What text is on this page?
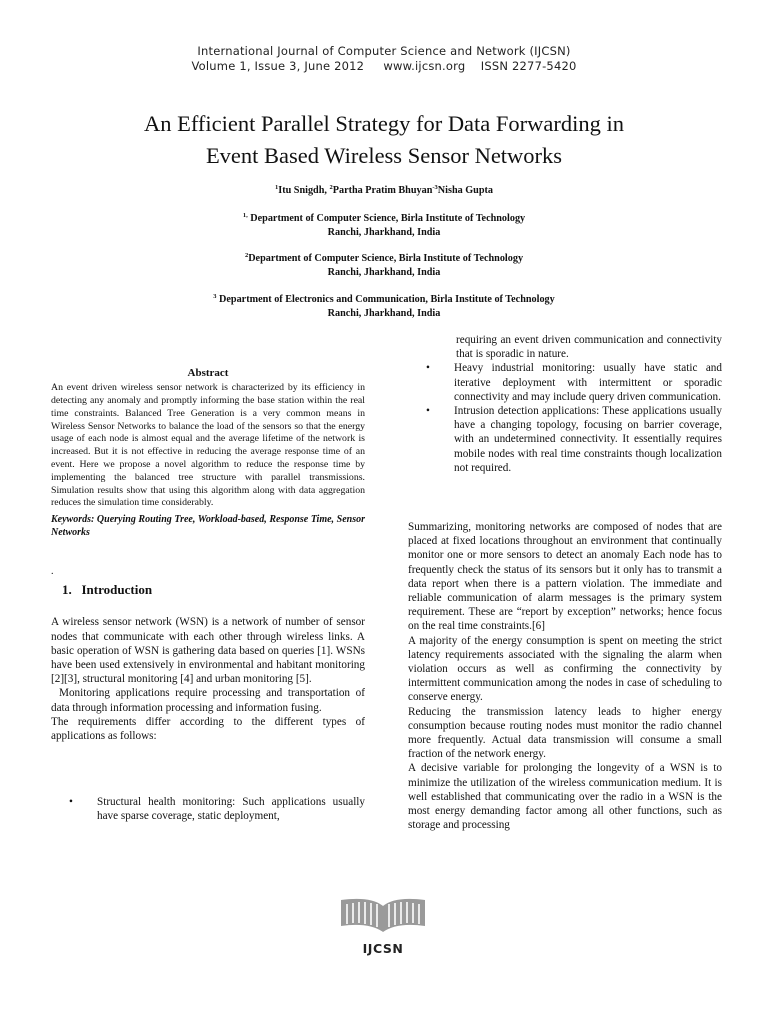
International Journal of Computer Science and Network (IJCSN)
Volume 1, Issue 3, June 2012     www.ijcsn.org    ISSN 2277-5420
An Efficient Parallel Strategy for Data Forwarding in
Event Based Wireless Sensor Networks
$^1$Itu Snigdh, $^2$Partha Pratim Bhuyan$^{-3}$Nisha Gupta
$^{1,}$ Department of Computer Science, Birla Institute of Technology
Ranchi, Jharkhand, India
$^2$Department of Computer Science, Birla Institute of Technology
Ranchi, Jharkhand, India
$^3$ Department of Electronics and Communication, Birla Institute of Technology
Ranchi, Jharkhand, India
Abstract

An event driven wireless sensor network is characterized by its efficiency in detecting any anomaly and promptly informing the base station within the real time constraints. Balanced Tree Generation is a very common means in Wireless Sensor Networks to balance the load of the sensors so that the energy usage of each node is almost equal and the average lifetime of the network is increased. But it is not effective in reducing the average response time of an event. Here we propose a novel algorithm to reduce the response time by implementing the balanced tree structure with parallel transmissions. Simulation results show that using this algorithm along with data aggregation reduces the simulation time considerably.

Keywords: Querying Routing Tree, Workload-based, Response Time, Sensor Networks

.

1.   Introduction

A wireless sensor network (WSN) is a network of number of sensor nodes that communicate with each other through wireless links. A basic operation of WSN is gathering data based on queries [1]. WSNs have been used extensively in environmental and habitant monitoring [2][3], structural monitoring [4] and urban monitoring [5].

Monitoring applications require processing and transportation of data through information processing and information fusing.

The requirements differ according to the different types of applications as follows:

• Structural health monitoring: Such applications usually have sparse coverage, static deployment,

requiring an event driven communication and connectivity that is sporadic in nature.

• Heavy industrial monitoring: usually have static and iterative deployment with intermittent or sporadic connectivity and may include query driven communication.

• Intrusion detection applications: These applications usually have a changing topology, focusing on barrier coverage, with an undetermined connectivity. It essentially requires mobile nodes with real time constraints though localization not required.

Summarizing, monitoring networks are composed of nodes that are placed at fixed locations throughout an environment that continually monitor one or more sensors to detect an anomaly Each node has to frequently check the status of its sensors but it only has to transmit a data report when there is a pattern violation. The immediate and reliable communication of alarm messages is the primary system requirement. These are “report by exception” networks; hence focus on the real time constraints.[6]

A majority of the energy consumption is spent on meeting the strict latency requirements associated with the signaling the alarm when violation occurs as well as confirming the connectivity by intermittent communication among the nodes in case of scheduling to conserve energy.

Reducing the transmission latency leads to higher energy consumption because routing nodes must monitor the radio channel more frequently. Actual data transmission will consume a small fraction of the network energy.

A decisive variable for prolonging the longevity of a WSN is to minimize the utilization of the wireless communication medium. It is well established that communicating over the radio in a WSN is the most energy demanding factor among all other functions, such as storage and processing

IJCSN
